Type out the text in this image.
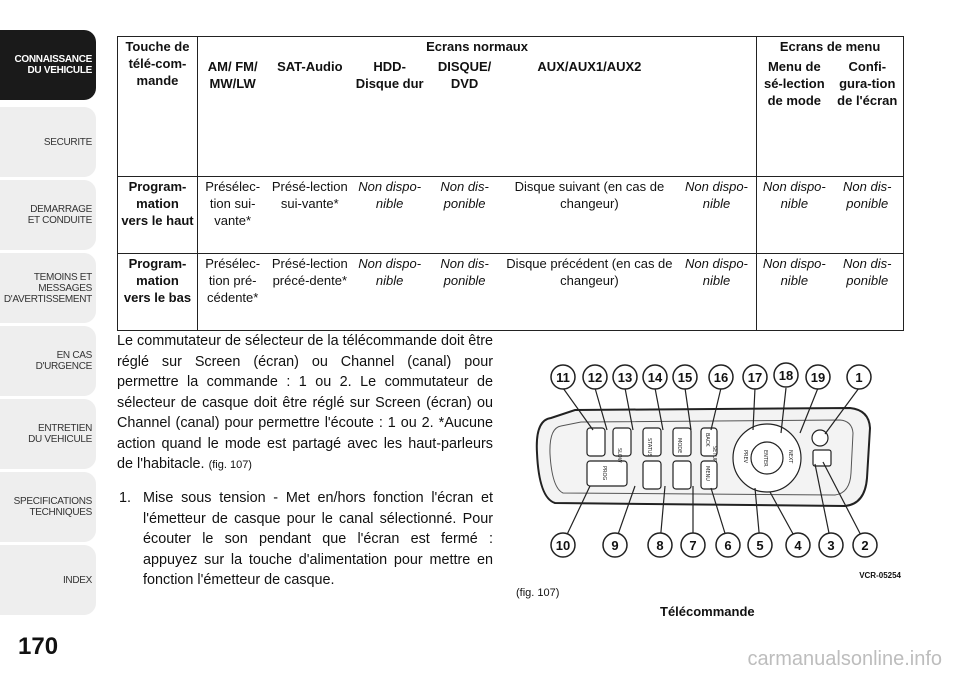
CONNAISSANCE
DU VEHICULE
SECURITE
DEMARRAGE
ET CONDUITE
TEMOINS ET
MESSAGES
D'AVERTISSEMENT
EN CAS
D'URGENCE
ENTRETIEN
DU VEHICULE
SPECIFICATIONS
TECHNIQUES
INDEX
170
Touche de télé-com-mande	Ecrans normaux						Ecrans de menu	
	AM/ FM/ MW/LW	SAT-Audio	HDD-Disque dur	DISQUE/ DVD	AUX/AUX1/AUX2		Menu de sé-lection de mode	Confi-gura-tion de l'écran
Program-mation vers le haut	Présélec-tion sui-vante*	Présé-lection sui-vante*	Non dispo-nible	Non dis-ponible	Disque suivant (en cas de changeur)	Non dispo-nible	Non dispo-nible	Non dis-ponible
Program-mation vers le bas	Présélec-tion pré-cédente*	Présé-lection précé-dente*	Non dispo-nible	Non dis-ponible	Disque précédent (en cas de changeur)	Non dispo-nible	Non dispo-nible	Non dis-ponible
Le commutateur de sélecteur de la télécommande doit être réglé sur Screen (écran) ou Channel (canal) pour permettre la commande : 1 ou 2. Le commutateur de sélecteur de casque doit être réglé sur Screen (écran) ou Channel (canal) pour permettre l'écoute : 1 ou 2. *Aucune action quand le mode est partagé avec les haut-parleurs de l'habitacle. (fig. 107)
1. Mise sous tension - Met en/hors fonction l'écran et l'émetteur de casque pour le canal sélectionné. Pour écouter le son pendant que l'écran est fermé : appuyez sur la touche d'alimentation pour mettre en fonction l'émetteur de casque.
SLOW	STATUS	MODE	BACK
SETUP
MENU
ENTER
PREV	NEXT
PROG
11 12 13 14 15 16 17 18 19 1
10	9	8 7 6 5 4 3 2
VCR-05254
(fig. 107)
Télécommande
carmanualsonline.info
